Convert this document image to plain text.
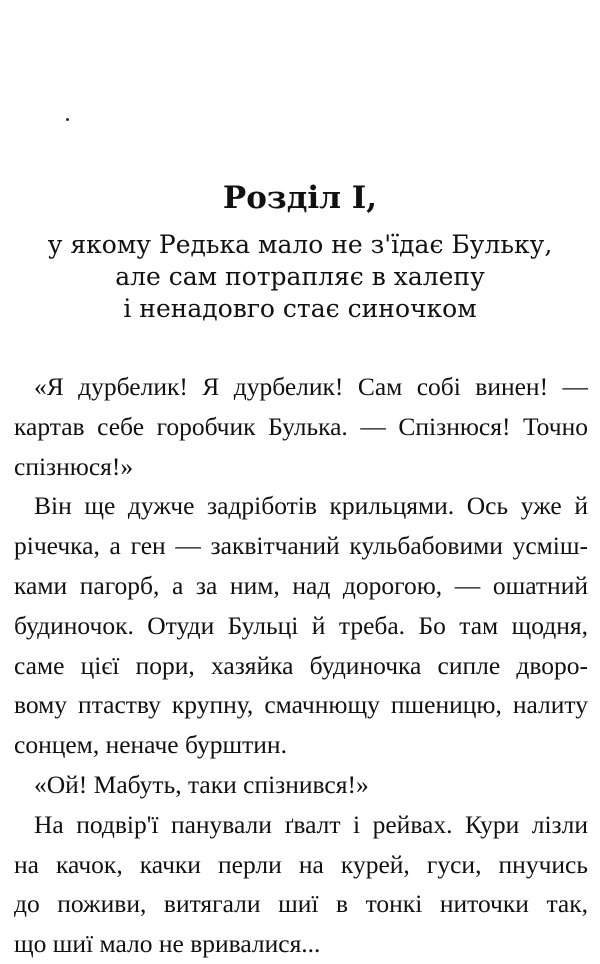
Розділ I,

у якому Редька мало не з'їдає Бульку,
але сам потрапляє в халепу
і ненадовго стає синочком

«Я дурбелик! Я дурбелик! Сам собі винен! —
картав себе горобчик Булька. — Спізнюся! Точно
спізнюся!»
Він ще дужче задріботів крильцями. Ось уже й
річечка, а ген — заквітчаний кульбабовими усміш-
ками пагорб, а за ним, над дорогою, — ошатний
будиночок. Отуди Бульці й треба. Бо там щодня,
саме цієї пори, хазяйка будиночка сипле дворо-
вому птаству крупну, смачнющу пшеницю, налиту
сонцем, неначе бурштин.
«Ой! Мабуть, таки спізнився!»
На подвір'ї панували ґвалт і рейвах. Кури лізли
на качок, качки перли на курей, гуси, пнучись
до поживи, витягали шиї в тонкі ниточки так,
що шиї мало не вривалися...
